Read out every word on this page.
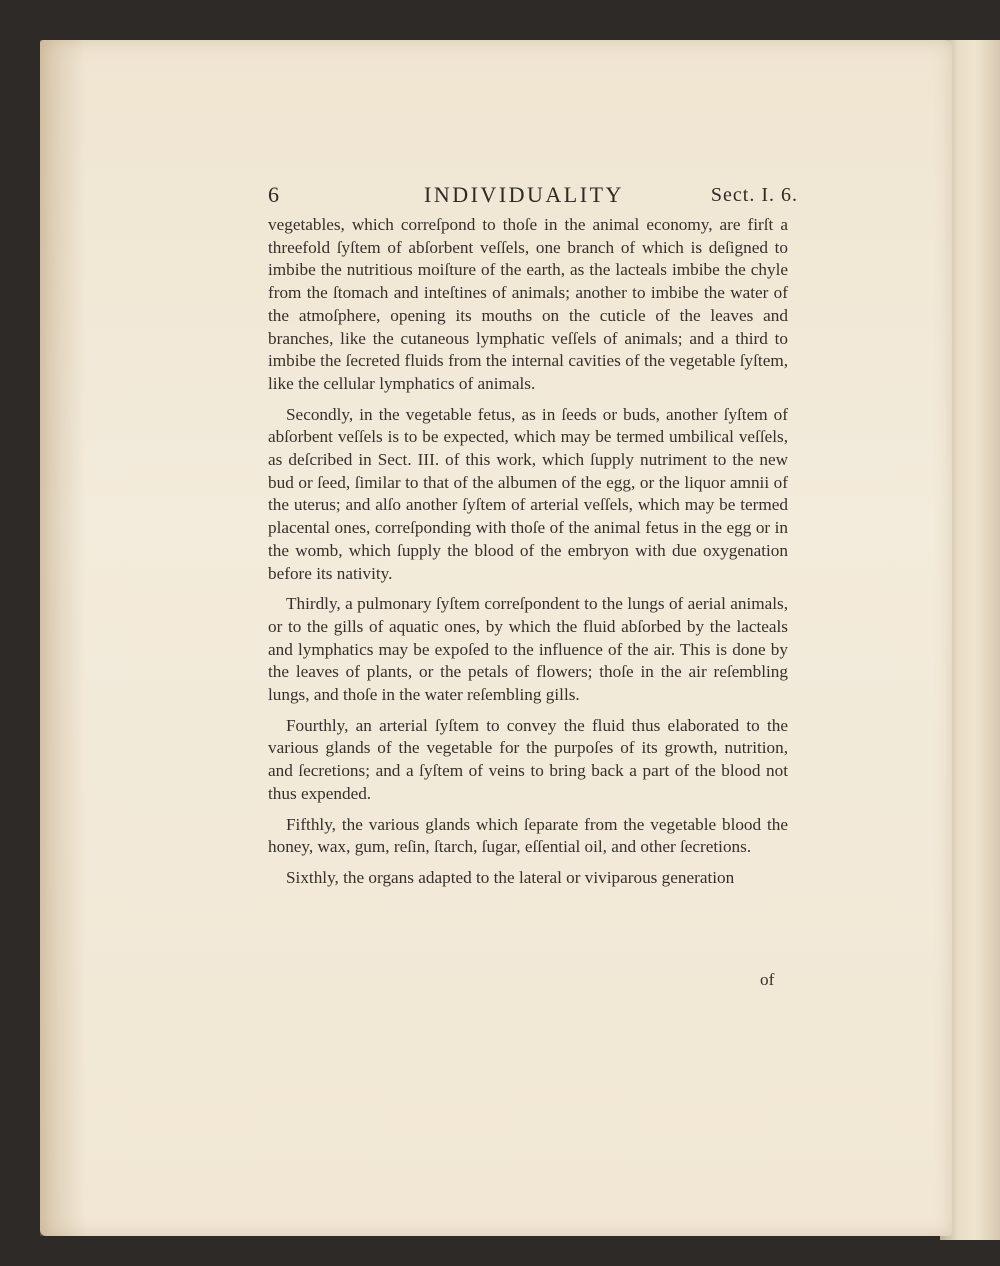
6	INDIVIDUALITY	Sect. I. 6.

vegetables, which correſpond to thoſe in the animal economy, are firſt a threefold ſyſtem of abſorbent veſſels, one branch of which is deſigned to imbibe the nutritious moiſture of the earth, as the lacteals imbibe the chyle from the ſtomach and inteſtines of animals; another to imbibe the water of the atmoſphere, opening its mouths on the cuticle of the leaves and branches, like the cutaneous lymphatic veſſels of animals; and a third to imbibe the ſecreted fluids from the internal cavities of the vegetable ſyſtem, like the cellular lymphatics of animals.

Secondly, in the vegetable fetus, as in ſeeds or buds, another ſyſtem of abſorbent veſſels is to be expected, which may be termed umbilical veſſels, as deſcribed in Sect. III. of this work, which ſupply nutriment to the new bud or ſeed, ſimilar to that of the albumen of the egg, or the liquor amnii of the uterus; and alſo another ſyſtem of arterial veſſels, which may be termed placental ones, correſponding with thoſe of the animal fetus in the egg or in the womb, which ſupply the blood of the embryon with due oxygenation before its nativity.

Thirdly, a pulmonary ſyſtem correſpondent to the lungs of aerial animals, or to the gills of aquatic ones, by which the fluid abſorbed by the lacteals and lymphatics may be expoſed to the influence of the air. This is done by the leaves of plants, or the petals of flowers; thoſe in the air reſembling lungs, and thoſe in the water reſembling gills.

Fourthly, an arterial ſyſtem to convey the fluid thus elaborated to the various glands of the vegetable for the purpoſes of its growth, nutrition, and ſecretions; and a ſyſtem of veins to bring back a part of the blood not thus expended.

Fifthly, the various glands which ſeparate from the vegetable blood the honey, wax, gum, reſin, ſtarch, ſugar, eſſential oil, and other ſecretions.

Sixthly, the organs adapted to the lateral or viviparous generation

of
